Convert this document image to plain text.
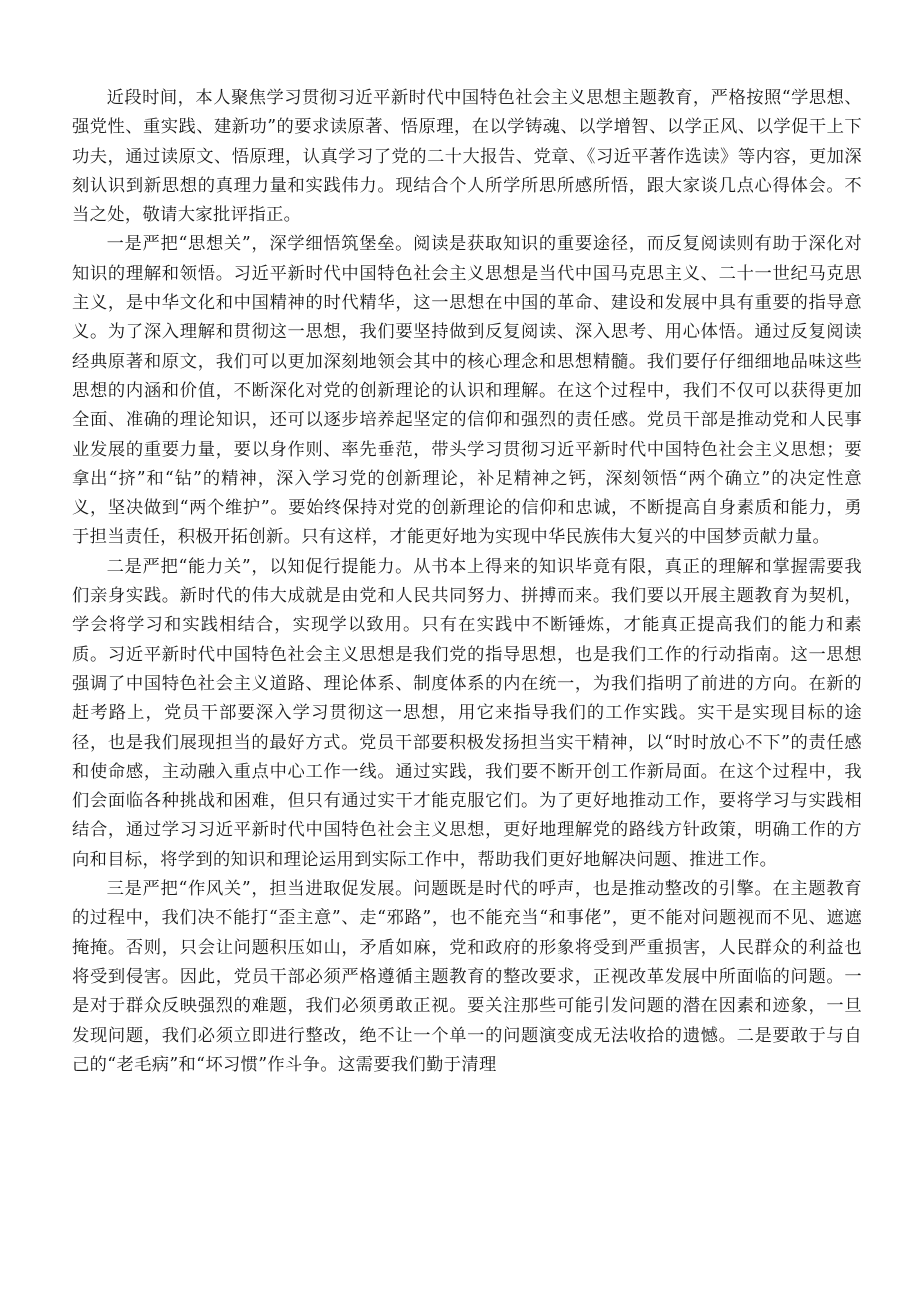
近段时间，本人聚焦学习贯彻习近平新时代中国特色社会主义思想主题教育，严格按照“学思想、强党性、重实践、建新功”的要求读原著、悟原理，在以学铸魂、以学增智、以学正风、以学促干上下功夫，通过读原文、悟原理，认真学习了党的二十大报告、党章、《习近平著作选读》等内容，更加深刻认识到新思想的真理力量和实践伟力。现结合个人所学所思所感所悟，跟大家谈几点心得体会。不当之处，敬请大家批评指正。

一是严把“思想关”，深学细悟筑堡垒。阅读是获取知识的重要途径，而反复阅读则有助于深化对知识的理解和领悟。习近平新时代中国特色社会主义思想是当代中国马克思主义、二十一世纪马克思主义，是中华文化和中国精神的时代精华，这一思想在中国的革命、建设和发展中具有重要的指导意义。为了深入理解和贯彻这一思想，我们要坚持做到反复阅读、深入思考、用心体悟。通过反复阅读经典原著和原文，我们可以更加深刻地领会其中的核心理念和思想精髓。我们要仔仔细细地品味这些思想的内涵和价值，不断深化对党的创新理论的认识和理解。在这个过程中，我们不仅可以获得更加全面、准确的理论知识，还可以逐步培养起坚定的信仰和强烈的责任感。党员干部是推动党和人民事业发展的重要力量，要以身作则、率先垂范，带头学习贯彻习近平新时代中国特色社会主义思想；要拿出“挤”和“钻”的精神，深入学习党的创新理论，补足精神之钙，深刻领悟“两个确立”的决定性意义，坚决做到“两个维护”。要始终保持对党的创新理论的信仰和忠诚，不断提高自身素质和能力，勇于担当责任，积极开拓创新。只有这样，才能更好地为实现中华民族伟大复兴的中国梦贡献力量。

二是严把“能力关”，以知促行提能力。从书本上得来的知识毕竟有限，真正的理解和掌握需要我们亲身实践。新时代的伟大成就是由党和人民共同努力、拼搏而来。我们要以开展主题教育为契机，学会将学习和实践相结合，实现学以致用。只有在实践中不断锤炼，才能真正提高我们的能力和素质。习近平新时代中国特色社会主义思想是我们党的指导思想，也是我们工作的行动指南。这一思想强调了中国特色社会主义道路、理论体系、制度体系的内在统一，为我们指明了前进的方向。在新的赶考路上，党员干部要深入学习贯彻这一思想，用它来指导我们的工作实践。实干是实现目标的途径，也是我们展现担当的最好方式。党员干部要积极发扬担当实干精神，以“时时放心不下”的责任感和使命感，主动融入重点中心工作一线。通过实践，我们要不断开创工作新局面。在这个过程中，我们会面临各种挑战和困难，但只有通过实干才能克服它们。为了更好地推动工作，要将学习与实践相结合，通过学习习近平新时代中国特色社会主义思想，更好地理解党的路线方针政策，明确工作的方向和目标，将学到的知识和理论运用到实际工作中，帮助我们更好地解决问题、推进工作。

三是严把“作风关”，担当进取促发展。问题既是时代的呼声，也是推动整改的引擎。在主题教育的过程中，我们决不能打“歪主意”、走“邪路”，也不能充当“和事佬”，更不能对问题视而不见、遮遮掩掩。否则，只会让问题积压如山，矛盾如麻，党和政府的形象将受到严重损害，人民群众的利益也将受到侵害。因此，党员干部必须严格遵循主题教育的整改要求，正视改革发展中所面临的问题。一是对于群众反映强烈的难题，我们必须勇敢正视。要关注那些可能引发问题的潜在因素和迹象，一旦发现问题，我们必须立即进行整改，绝不让一个单一的问题演变成无法收拾的遗憾。二是要敢于与自己的“老毛病”和“坏习惯”作斗争。这需要我们勤于清理
